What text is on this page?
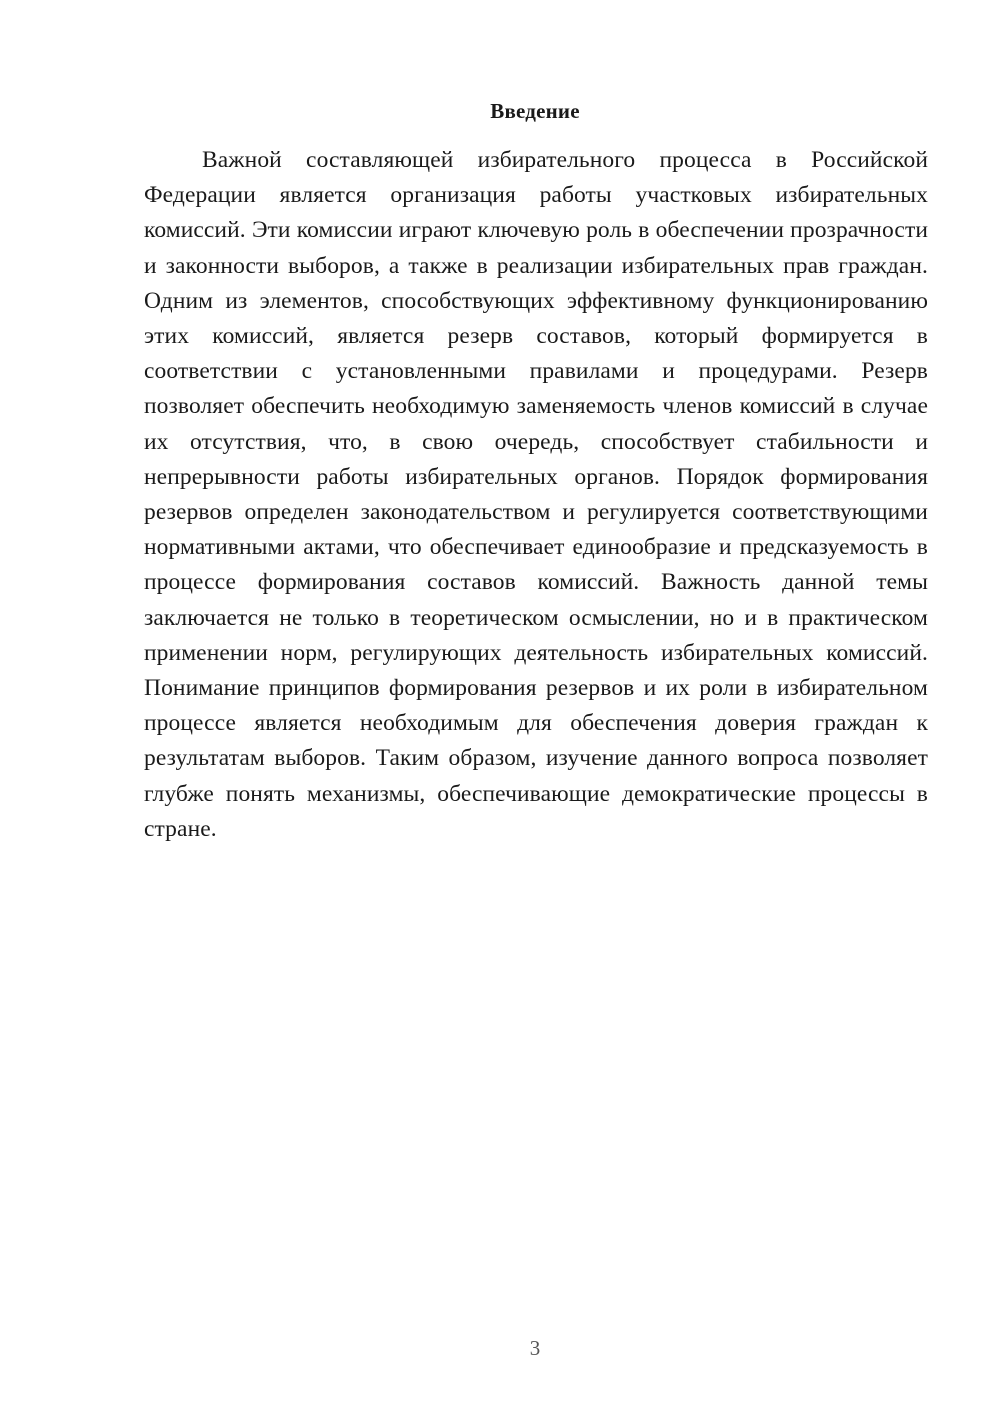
Введение

Важной составляющей избирательного процесса в Российской Федерации является организация работы участковых избирательных комиссий. Эти комиссии играют ключевую роль в обеспечении прозрачности и законности выборов, а также в реализации избирательных прав граждан. Одним из элементов, способствующих эффективному функционированию этих комиссий, является резерв составов, который формируется в соответствии с установленными правилами и процедурами. Резерв позволяет обеспечить необходимую заменяемость членов комиссий в случае их отсутствия, что, в свою очередь, способствует стабильности и непрерывности работы избирательных органов. Порядок формирования резервов определен законодательством и регулируется соответствующими нормативными актами, что обеспечивает единообразие и предсказуемость в процессе формирования составов комиссий. Важность данной темы заключается не только в теоретическом осмыслении, но и в практическом применении норм, регулирующих деятельность избирательных комиссий. Понимание принципов формирования резервов и их роли в избирательном процессе является необходимым для обеспечения доверия граждан к результатам выборов. Таким образом, изучение данного вопроса позволяет глубже понять механизмы, обеспечивающие демократические процессы в стране.

3
